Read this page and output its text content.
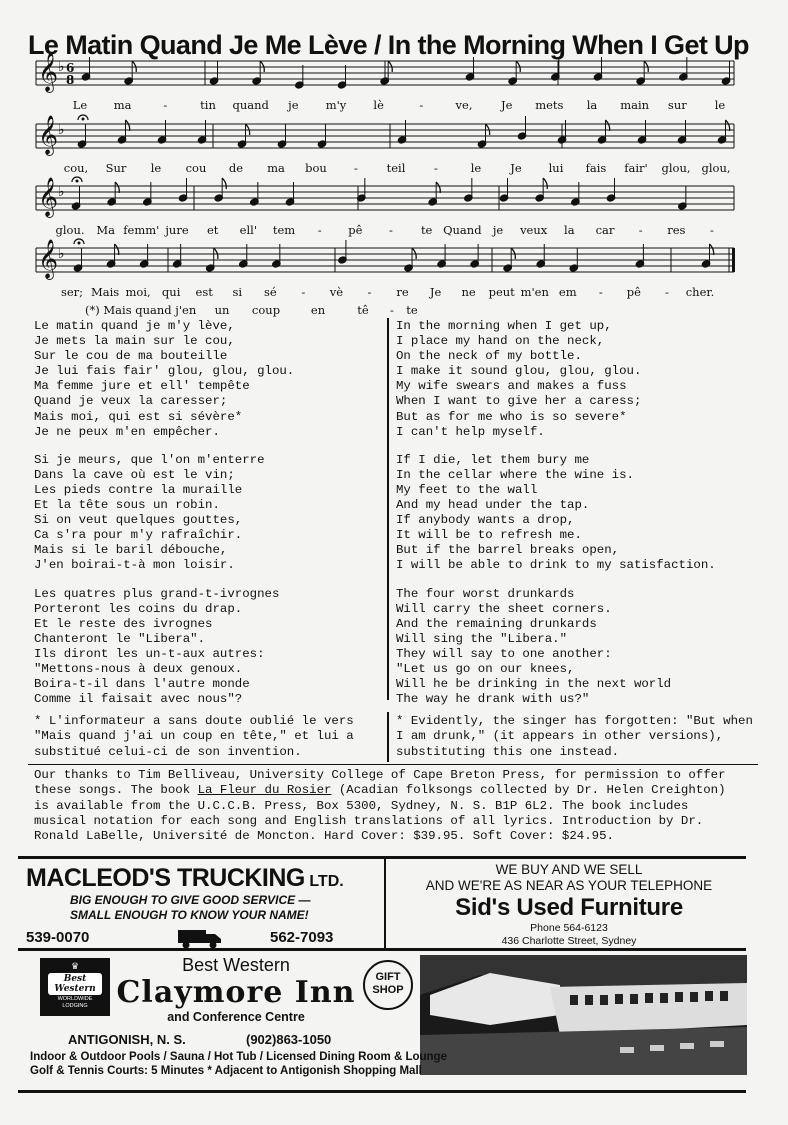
Le Matin Quand Je Me Lève / In the Morning When I Get Up
𝄞 ♭
𝄞 ♭
𝄞 ♭
𝄞 ♭
6
8
Le ma	-	tin quand je m'y lè	-	ve, Je mets la main sur le
cou, Sur le cou de ma bou - teil -	le	Je lui fais fair' glou, glou,
glou. Ma femm' jure et ell' tem - pê - te Quand je veux la car - res -
ser; Mais moi, qui est si sé - vè - re Je ne peut m'en em - pê - cher.
(*) Mais quand j'en un coup	en	tê - te
Le matin quand je m'y lève,
Je mets la main sur le cou,
Sur le cou de ma bouteille
Je lui fais fair' glou, glou, glou.
Ma femme jure et ell' tempête
Quand je veux la caresser;
Mais moi, qui est si sévère*
Je ne peux m'en empêcher.
Si je meurs, que l'on m'enterre
Dans la cave où est le vin;
Les pieds contre la muraille
Et la tête sous un robin.
Si on veut quelques gouttes,
Ca s'ra pour m'y rafraîchir.
Mais si le baril débouche,
J'en boirai-t-à mon loisir.
Les quatres plus grand-t-ivrognes
Porteront les coins du drap.
Et le reste des ivrognes
Chanteront le "Libera".
Ils diront les un-t-aux autres:
"Mettons-nous à deux genoux.
Boira-t-il dans l'autre monde
Comme il faisait avec nous"?
In the morning when I get up,
I place my hand on the neck,
On the neck of my bottle.
I make it sound glou, glou, glou.
My wife swears and makes a fuss
When I want to give her a caress;
But as for me who is so severe*
I can't help myself.
If I die, let them bury me
In the cellar where the wine is.
My feet to the wall
And my head under the tap.
If anybody wants a drop,
It will be to refresh me.
But if the barrel breaks open,
I will be able to drink to my satisfaction.
The four worst drunkards
Will carry the sheet corners.
And the remaining drunkards
Will sing the "Libera."
They will say to one another:
"Let us go on our knees,
Will he be drinking in the next world
The way he drank with us?"
* L'informateur a sans doute oublié le vers "Mais quand j'ai un coup en tête," et lui a substitué celui-ci de son invention.
* Evidently, the singer has forgotten: "But when I am drunk," (it appears in other versions), substituting this one instead.
Our thanks to Tim Belliveau, University College of Cape Breton Press, for permission to offer these songs. The book La Fleur du Rosier (Acadian folksongs collected by Dr. Helen Creighton) is available from the U.C.C.B. Press, Box 5300, Sydney, N. S. B1P 6L2. The book includes musical notation for each song and English translations of all lyrics. Introduction by Dr. Ronald LaBelle, Université de Moncton. Hard Cover: $39.95. Soft Cover: $24.95.
MACLEOD'S TRUCKING LTD.
BIG ENOUGH TO GIVE GOOD SERVICE —
SMALL ENOUGH TO KNOW YOUR NAME!
539-0070	562-7093
WE BUY AND WE SELL
AND WE'RE AS NEAR AS YOUR TELEPHONE
Sid's Used Furniture
Phone 564-6123
436 Charlotte Street, Sydney
♛
Best
Western
WORLDWIDE LODGING
Best Western
Claymore Inn
and Conference Centre
ANTIGONISH, N. S.	(902)863-1050
GIFT
SHOP
Indoor & Outdoor Pools / Sauna / Hot Tub / Licensed Dining Room & Lounge
Golf & Tennis Courts: 5 Minutes * Adjacent to Antigonish Shopping Mall
